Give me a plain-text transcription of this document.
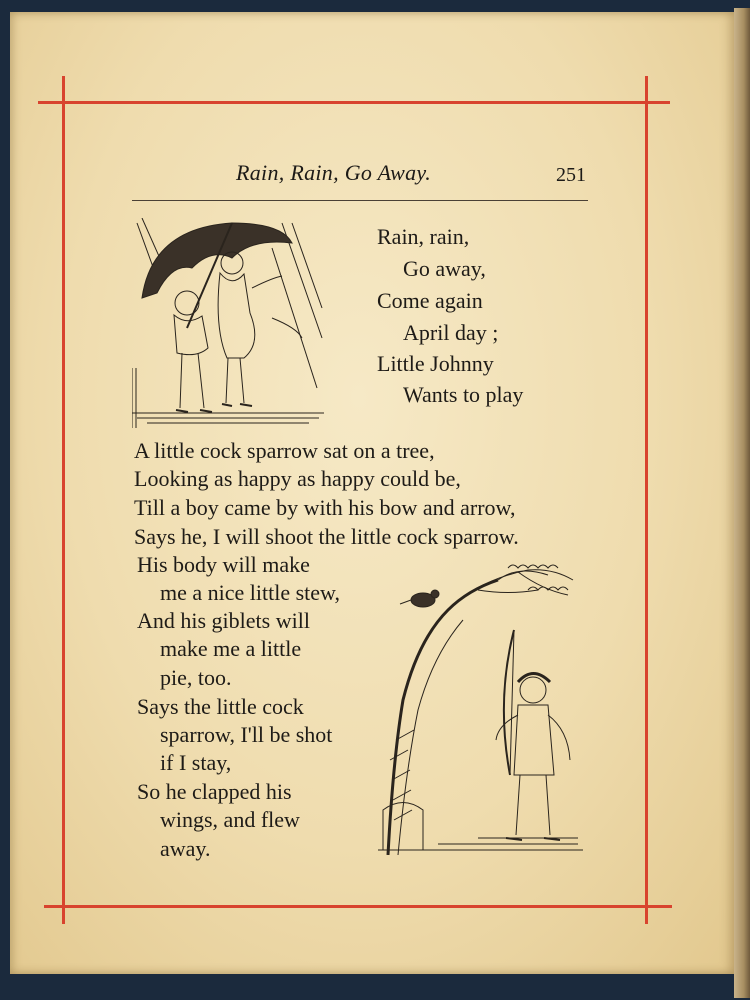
Rain, Rain, Go Away.	251
Rain, rain,
Go away,
Come again
April day ;
Little Johnny
Wants to play
A little cock sparrow sat on a tree,
Looking as happy as happy could be,
Till a boy came by with his bow and arrow,
Says he, I will shoot the little cock sparrow.
His body will make
me a nice little stew,
And his giblets will
make me a little
pie, too.
Says the little cock
sparrow, I'll be shot
if I stay,
So he clapped his
wings, and flew
away.
